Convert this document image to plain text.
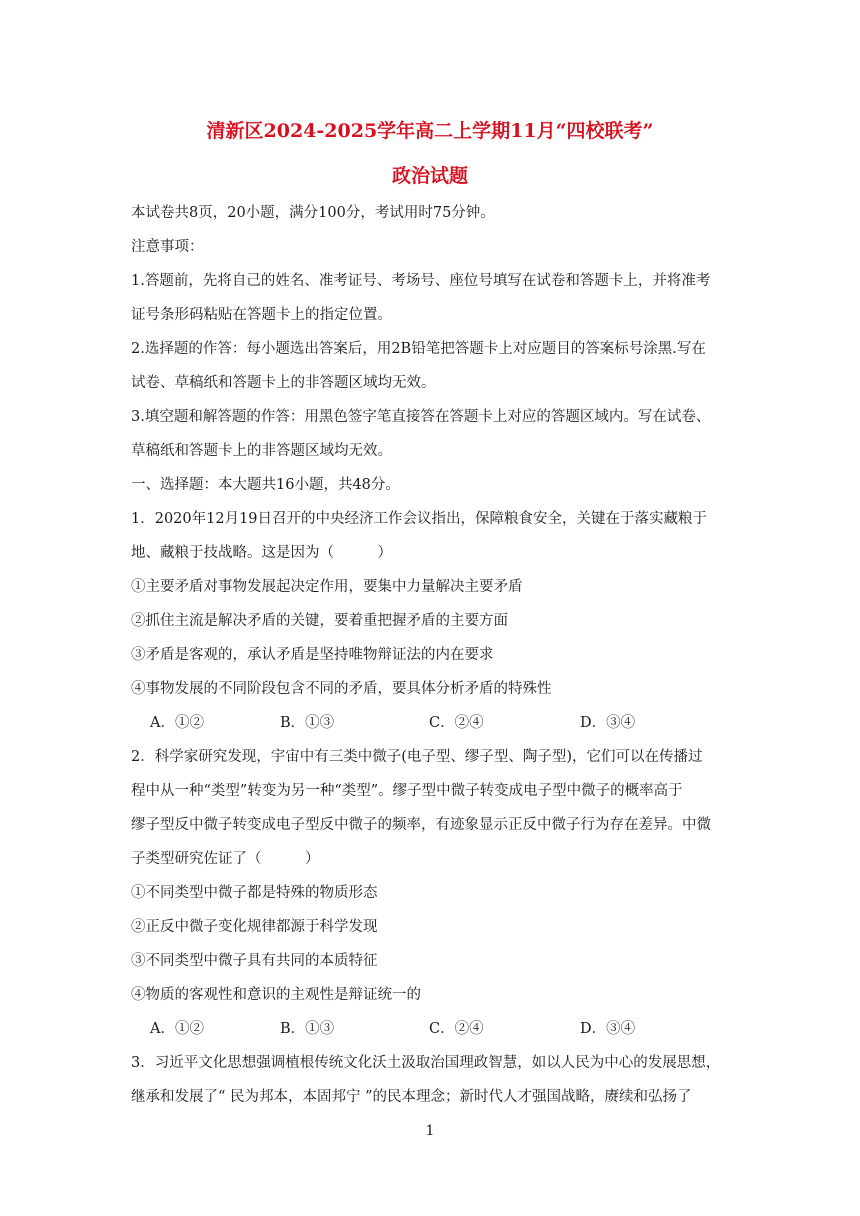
清新区2024-2025学年高二上学期11月“四校联考”
政治试题
本试卷共8页，20小题，满分100分，考试用时75分钟。
注意事项：
1.答题前，先将自己的姓名、准考证号、考场号、座位号填写在试卷和答题卡上，并将准考
证号条形码粘贴在答题卡上的指定位置。
2.选择题的作答：每小题选出答案后，用2B铅笔把答题卡上对应题目的答案标号涂黑.写在
试卷、草稿纸和答题卡上的非答题区域均无效。
3.填空题和解答题的作答：用黑色签字笔直接答在答题卡上对应的答题区域内。写在试卷、
草稿纸和答题卡上的非答题区域均无效。
一、选择题：本大题共16小题，共48分。
1．2020年12月19日召开的中央经济工作会议指出，保障粮食安全，关键在于落实藏粮于
地、藏粮于技战略。这是因为（　　　）
①主要矛盾对事物发展起决定作用，要集中力量解决主要矛盾
②抓住主流是解决矛盾的关键，要着重把握矛盾的主要方面
③矛盾是客观的，承认矛盾是坚持唯物辩证法的内在要求
④事物发展的不同阶段包含不同的矛盾，要具体分析矛盾的特殊性
A．①②	B．①③	C．②④	D．③④
2．科学家研究发现，宇宙中有三类中微子(电子型、缪子型、陶子型)，它们可以在传播过
程中从一种“类型”转变为另一种“类型”。缪子型中微子转变成电子型中微子的概率高于
缪子型反中微子转变成电子型反中微子的频率，有迹象显示正反中微子行为存在差异。中微
子类型研究佐证了（　　　）
①不同类型中微子都是特殊的物质形态
②正反中微子变化规律都源于科学发现
③不同类型中微子具有共同的本质特征
④物质的客观性和意识的主观性是辩证统一的
A．①②	B．①③	C．②④	D．③④
3．习近平文化思想强调植根传统文化沃土汲取治国理政智慧，如以人民为中心的发展思想，
继承和发展了“ 民为邦本，本固邦宁 ”的民本理念；新时代人才强国战略，赓续和弘扬了
1
